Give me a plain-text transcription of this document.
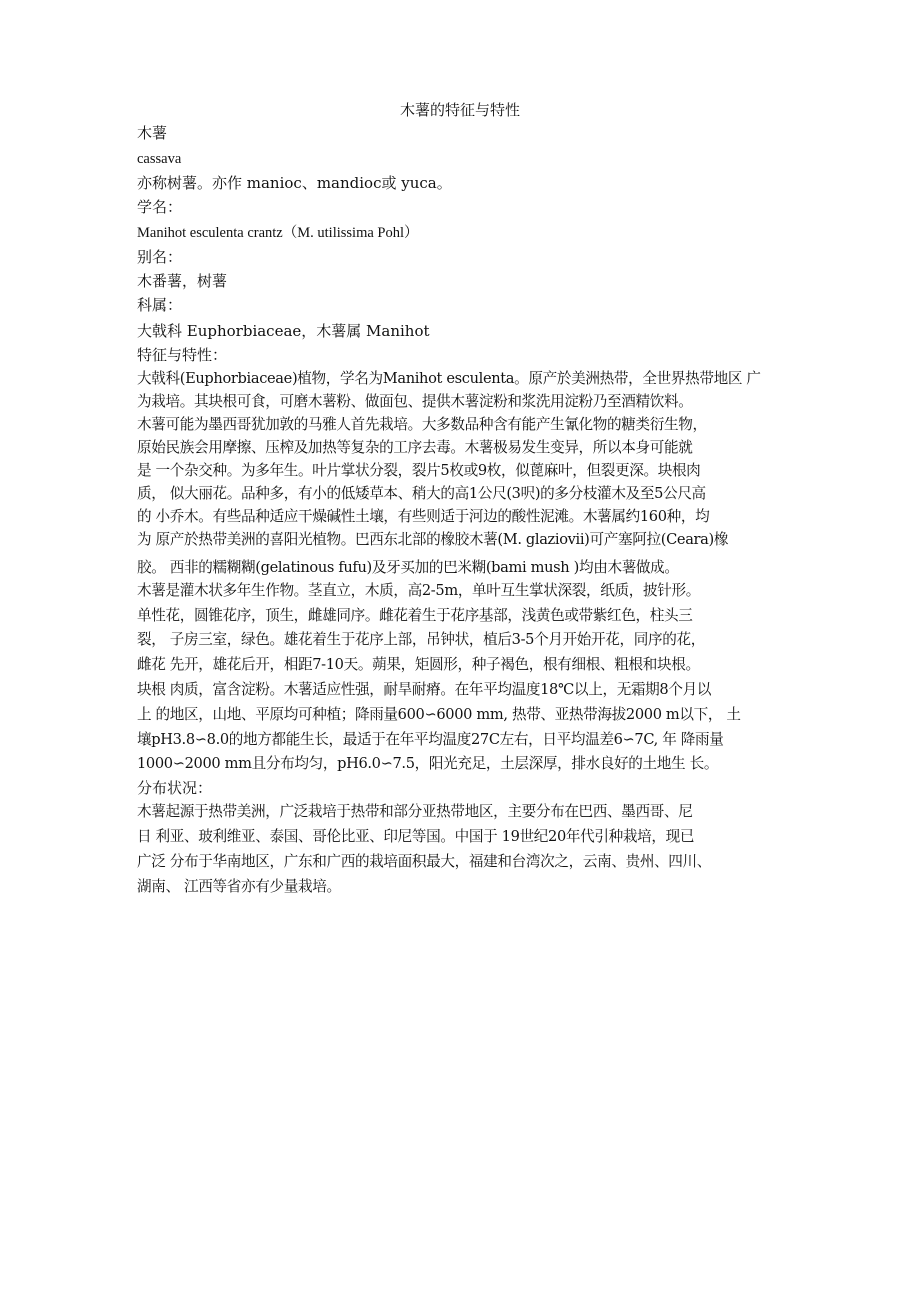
木薯的特征与特性
木薯
cassava
亦称树薯。亦作 manioc、mandioc或 yuca。
学名：
Manihot esculenta crantz（M. utilissima Pohl）
别名：
木番薯，树薯
科属：
大戟科 Euphorbiaceae，木薯属 Manihot
特征与特性：
大戟科(Euphorbiaceae)植物，学名为Manihot esculenta。原产於美洲热带，全世界热带地区 广
为栽培。其块根可食，可磨木薯粉、做面包、提供木薯淀粉和浆洗用淀粉乃至酒精饮料。
木薯可能为墨西哥犹加敦的马雅人首先栽培。大多数品种含有能产生氰化物的糖类衍生物，
原始民族会用摩擦、压榨及加热等复杂的工序去毒。木薯极易发生变异，所以本身可能就
是 一个杂交种。为多年生。叶片掌状分裂，裂片5枚或9枚，似蓖麻叶，但裂更深。块根肉
质， 似大丽花。品种多，有小的低矮草本、稍大的高1公尺(3呎)的多分枝灌木及至5公尺高
的 小乔木。有些品种适应干燥碱性土壤，有些则适于河边的酸性泥滩。木薯属约160种，均
为 原产於热带美洲的喜阳光植物。巴西东北部的橡胶木薯(M. glaziovii)可产塞阿拉(Ceara)橡
胶。 西非的糯糊糊(gelatinous fufu)及牙买加的巴米糊(bami mush )均由木薯做成。
木薯是灌木状多年生作物。茎直立，木质，高2-5m，单叶互生掌状深裂，纸质，披针形。
单性花，圆锥花序，顶生，雌雄同序。雌花着生于花序基部，浅黄色或带紫红色，柱头三
裂， 子房三室，绿色。雄花着生于花序上部，吊钟状，植后3-5个月开始开花，同序的花，
雌花 先开，雄花后开，相距7-10天。蒴果，矩圆形，种子褐色，根有细根、粗根和块根。
块根 肉质，富含淀粉。木薯适应性强，耐旱耐瘠。在年平均温度18℃以上，无霜期8个月以
上 的地区，山地、平原均可种植；降雨量600∽6000 mm, 热带、亚热带海拔2000 m以下， 土
壤pH3.8∽8.0的地方都能生长，最适于在年平均温度27C左右，日平均温差6∽7C, 年 降雨量
1000∽2000 mm且分布均匀，pH6.0∽7.5，阳光充足，土层深厚，排水良好的土地生 长。
分布状况：
木薯起源于热带美洲，广泛栽培于热带和部分亚热带地区，主要分布在巴西、墨西哥、尼
日 利亚、玻利维亚、泰国、哥伦比亚、印尼等国。中国于 19世纪20年代引种栽培，现已
广泛 分布于华南地区，广东和广西的栽培面积最大，福建和台湾次之，云南、贵州、四川、
湖南、 江西等省亦有少量栽培。
